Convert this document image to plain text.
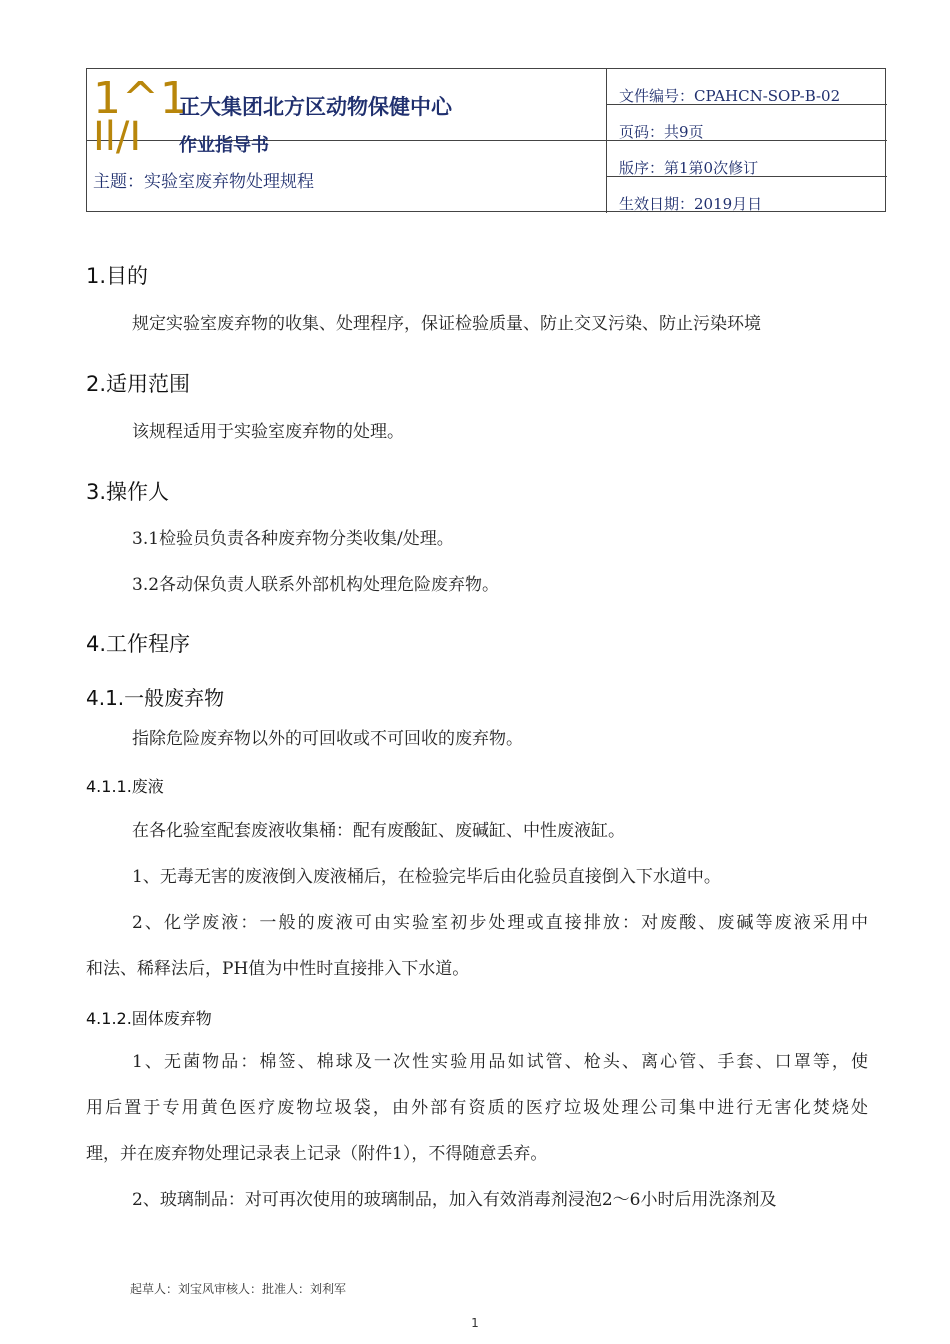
1^1
Il/I
正大集团北方区动物保健中心
作业指导书
主题：实验室废弃物处理规程
文件编号：CPAHCN-SOP-B-02
页码：共9页
版序：第1第0次修订
生效日期：2019月日
1.目的
规定实验室废弃物的收集、处理程序，保证检验质量、防止交叉污染、防止污染环境
2.适用范围
该规程适用于实验室废弃物的处理。
3.操作人
3.1检验员负责各种废弃物分类收集/处理。
3.2各动保负责人联系外部机构处理危险废弃物。
4.工作程序
4.1.一般废弃物
指除危险废弃物以外的可回收或不可回收的废弃物。
4.1.1.废液
在各化验室配套废液收集桶：配有废酸缸、废碱缸、中性废液缸。
1、无毒无害的废液倒入废液桶后，在检验完毕后由化验员直接倒入下水道中。
2、化学废液：一般的废液可由实验室初步处理或直接排放：对废酸、废碱等废液采用中
和法、稀释法后，PH值为中性时直接排入下水道。
4.1.2.固体废弃物
1、无菌物品：棉签、棉球及一次性实验用品如试管、枪头、离心管、手套、口罩等，使
用后置于专用黄色医疗废物垃圾袋，由外部有资质的医疗垃圾处理公司集中进行无害化焚烧处
理，并在废弃物处理记录表上记录（附件1），不得随意丢弃。
2、玻璃制品：对可再次使用的玻璃制品，加入有效消毒剂浸泡2〜6小时后用洗涤剂及
起草人：刘宝风审核人：批准人：刘利军
1
